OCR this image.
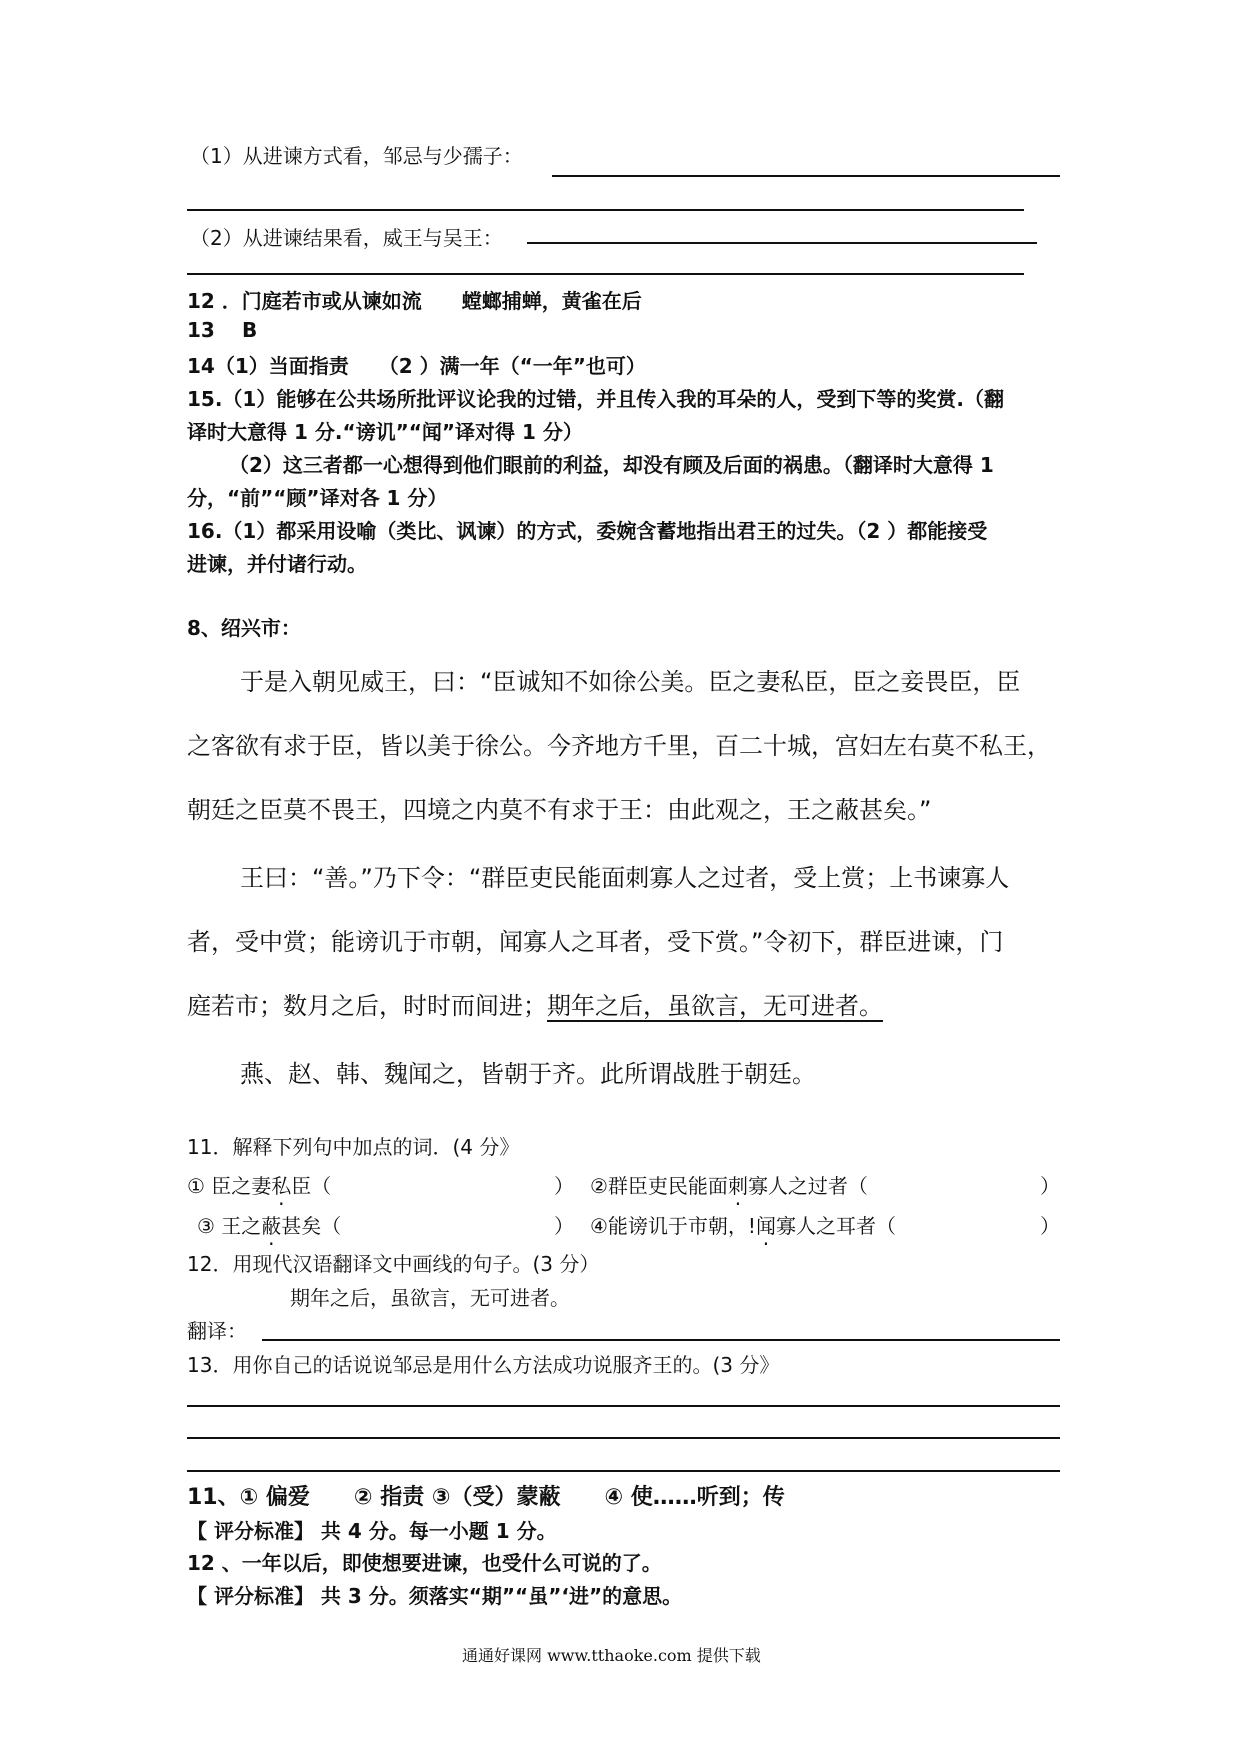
（1）从进谏方式看，邹忌与少孺子：
（2）从进谏结果看，威王与吴王：
12 ．门庭若市或从谏如流　　螳螂捕蝉，黄雀在后
13 B
14（1）当面指责　　（2 ）满一年（“一年”也可）
15.（1）能够在公共场所批评议论我的过错，并且传入我的耳朵的人，受到下等的奖赏.（翻
译时大意得 1 分.“谤讥”“闻”译对得 1 分）
（2）这三者都一心想得到他们眼前的利益，却没有顾及后面的祸患。（翻译时大意得 1
分，“前”“顾”译对各 1 分）
16.（1）都采用设喻（类比、讽谏）的方式，委婉含蓄地指出君王的过失。（2 ）都能接受
进谏，并付诸行动。
8、绍兴市：
于是入朝见威王，曰：“臣诚知不如徐公美。臣之妻私臣，臣之妾畏臣，臣
之客欲有求于臣，皆以美于徐公。今齐地方千里，百二十城，宫妇左右莫不私王，
朝廷之臣莫不畏王，四境之内莫不有求于王：由此观之，王之蔽甚矣。”
王曰：“善。”乃下令：“群臣吏民能面刺寡人之过者，受上赏；上书谏寡人
者，受中赏；能谤讥于市朝，闻寡人之耳者，受下赏。”令初下，群臣进谏，门
庭若市；数月之后，时时而间进；期年之后，虽欲言，无可进者。
燕、赵、韩、魏闻之，皆朝于齐。此所谓战胜于朝廷。
11．解释下列句中加点的词．(4 分》
① 臣之妻私臣（	） ②群臣吏民能面刺寡人之过者（	）
③ 王之蔽甚矣（	） ④能谤讥于市朝，!闻寡人之耳者（	）
12．用现代汉语翻译文中画线的句子。(3 分）
期年之后，虽欲言，无可进者。
翻译：
13．用你自己的话说说邹忌是用什么方法成功说服齐王的。(3 分》
11、① 偏爱　　② 指责 ③（受）蒙蔽　　④ 使……听到；传
【 评分标准】 共 4 分。每一小题 1 分。
12 、一年以后，即使想要进谏，也受什么可说的了。
【 评分标准】 共 3 分。须落实“期”“虽”‘进”的意思。
通通好课网 www.tthaoke.com 提供下载
